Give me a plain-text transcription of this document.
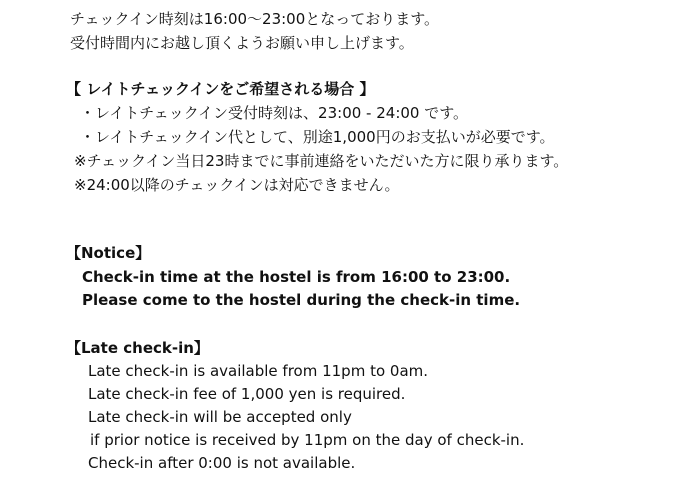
チェックイン時刻は16:00〜23:00となっております。
受付時間内にお越し頂くようお願い申し上げます。
【 レイトチェックインをご希望される場合 】
・レイトチェックイン受付時刻は、23:00 - 24:00 です。
・レイトチェックイン代として、別途1,000円のお支払いが必要です。
※チェックイン当日23時までに事前連絡をいただいた方に限り承ります。
※24:00以降のチェックインは対応できません。
【Notice】
Check-in time at the hostel is from 16:00 to 23:00.
Please come to the hostel during the check-in time.
【Late check-in】
Late check-in is available from 11pm to 0am.
Late check-in fee of 1,000 yen is required.
Late check-in will be accepted only
if prior notice is received by 11pm on the day of check-in.
Check-in after 0:00 is not available.
